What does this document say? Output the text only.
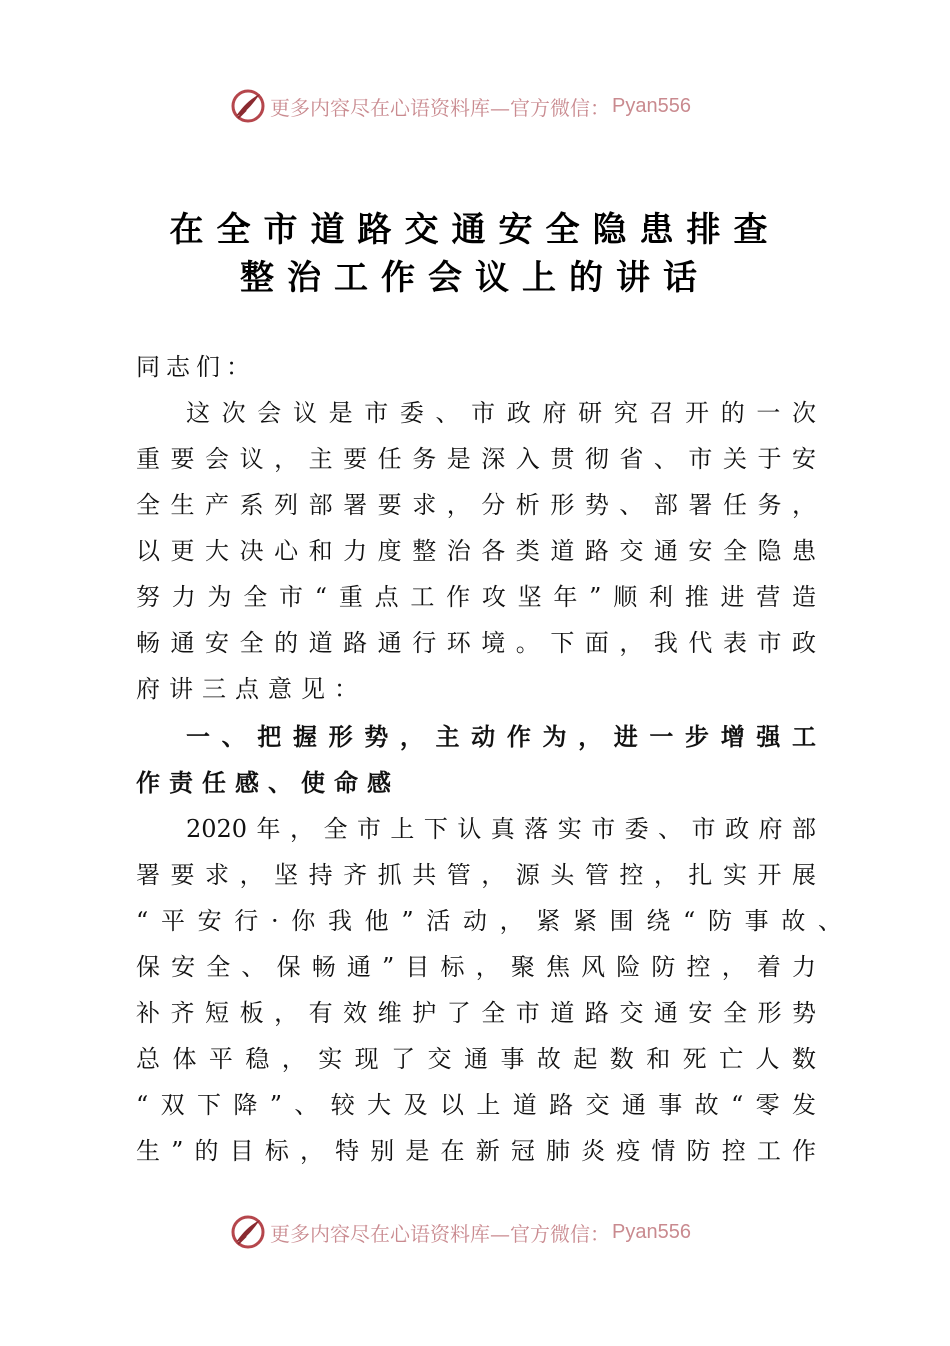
更多内容尽在心语资料库—官方微信： Pyan556
在全市道路交通安全隐患排查
整治工作会议上的讲话
同志们：
这次会议是市委、市政府研究召开的一次
重要会议，主要任务是深入贯彻省、市关于安
全生产系列部署要求，分析形势、部署任务，
以更大决心和力度整治各类道路交通安全隐患
努力为全市“重点工作攻坚年”顺利推进营造
畅通安全的道路通行环境。下面，我代表市政
府讲三点意见：
一、把握形势，主动作为，进一步增强工
作责任感、使命感
2020年，全市上下认真落实市委、市政府部
署要求，坚持齐抓共管，源头管控，扎实开展
“平安行·你我他”活动，紧紧围绕“防事故、
保安全、保畅通”目标，聚焦风险防控，着力
补齐短板，有效维护了全市道路交通安全形势
总体平稳，实现了交通事故起数和死亡人数
“双下降”、较大及以上道路交通事故“零发
生”的目标，特别是在新冠肺炎疫情防控工作
更多内容尽在心语资料库—官方微信： Pyan556
